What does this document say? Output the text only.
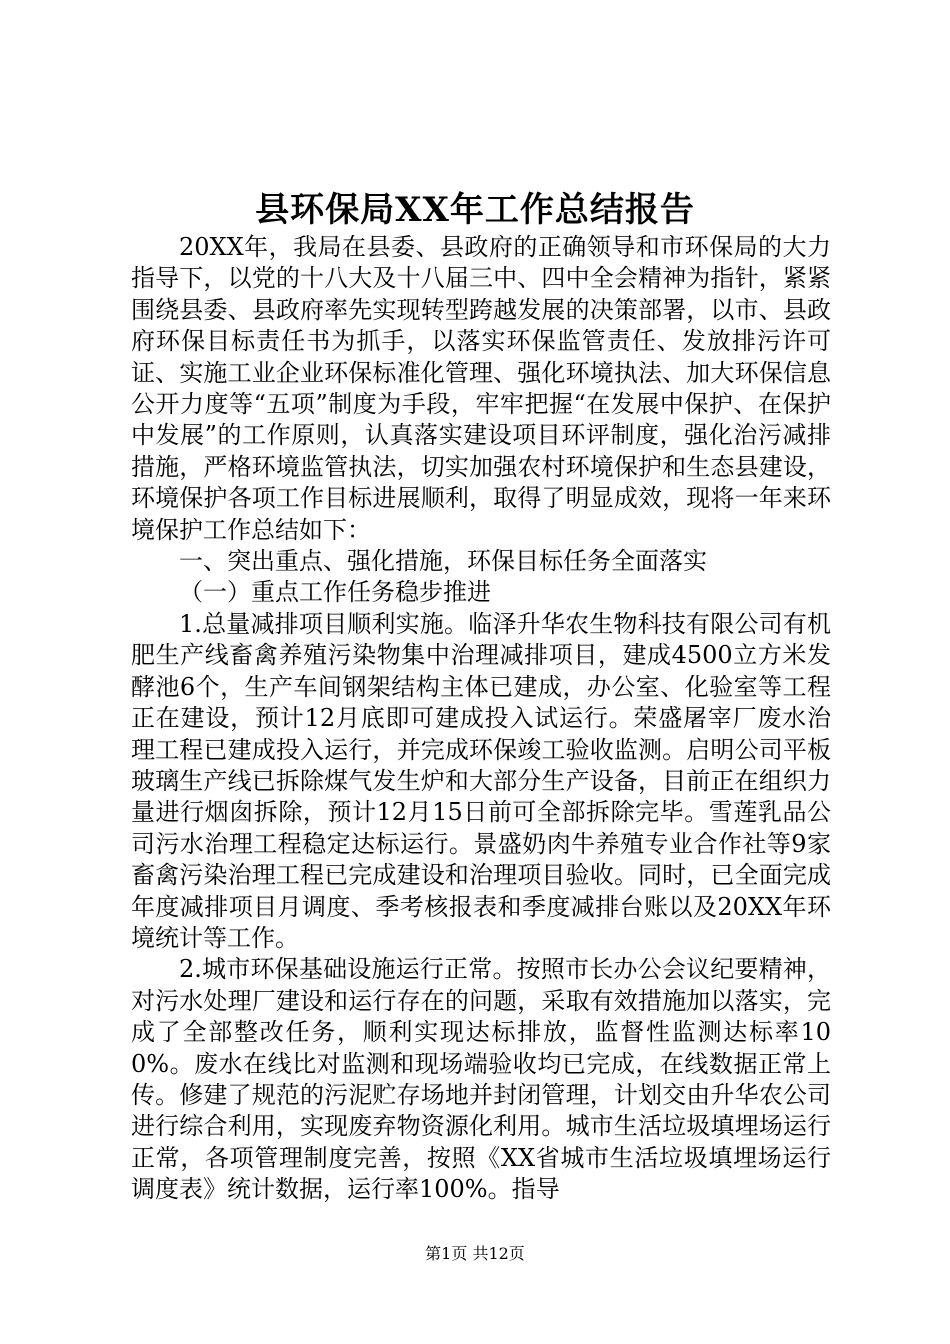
县环保局XX年工作总结报告

20XX年，我局在县委、县政府的正确领导和市环保局的大力指导下，以党的十八大及十八届三中、四中全会精神为指针，紧紧围绕县委、县政府率先实现转型跨越发展的决策部署，以市、县政府环保目标责任书为抓手，以落实环保监管责任、发放排污许可证、实施工业企业环保标准化管理、强化环境执法、加大环保信息公开力度等“五项”制度为手段，牢牢把握“在发展中保护、在保护中发展”的工作原则，认真落实建设项目环评制度，强化治污减排措施，严格环境监管执法，切实加强农村环境保护和生态县建设，环境保护各项工作目标进展顺利，取得了明显成效，现将一年来环境保护工作总结如下：

一、突出重点、强化措施，环保目标任务全面落实

（一）重点工作任务稳步推进

1.总量减排项目顺利实施。临泽升华农生物科技有限公司有机肥生产线畜禽养殖污染物集中治理减排项目，建成4500立方米发酵池6个，生产车间钢架结构主体已建成，办公室、化验室等工程正在建设，预计12月底即可建成投入试运行。荣盛屠宰厂废水治理工程已建成投入运行，并完成环保竣工验收监测。启明公司平板玻璃生产线已拆除煤气发生炉和大部分生产设备，目前正在组织力量进行烟囱拆除，预计12月15日前可全部拆除完毕。雪莲乳品公司污水治理工程稳定达标运行。景盛奶肉牛养殖专业合作社等9家畜禽污染治理工程已完成建设和治理项目验收。同时，已全面完成年度减排项目月调度、季考核报表和季度减排台账以及20XX年环境统计等工作。

2.城市环保基础设施运行正常。按照市长办公会议纪要精神，对污水处理厂建设和运行存在的问题，采取有效措施加以落实，完成了全部整改任务，顺利实现达标排放，监督性监测达标率100%。废水在线比对监测和现场端验收均已完成，在线数据正常上传。修建了规范的污泥贮存场地并封闭管理，计划交由升华农公司进行综合利用，实现废弃物资源化利用。城市生活垃圾填埋场运行正常，各项管理制度完善，按照《XX省城市生活垃圾填埋场运行调度表》统计数据，运行率100%。指导

第1页 共12页
